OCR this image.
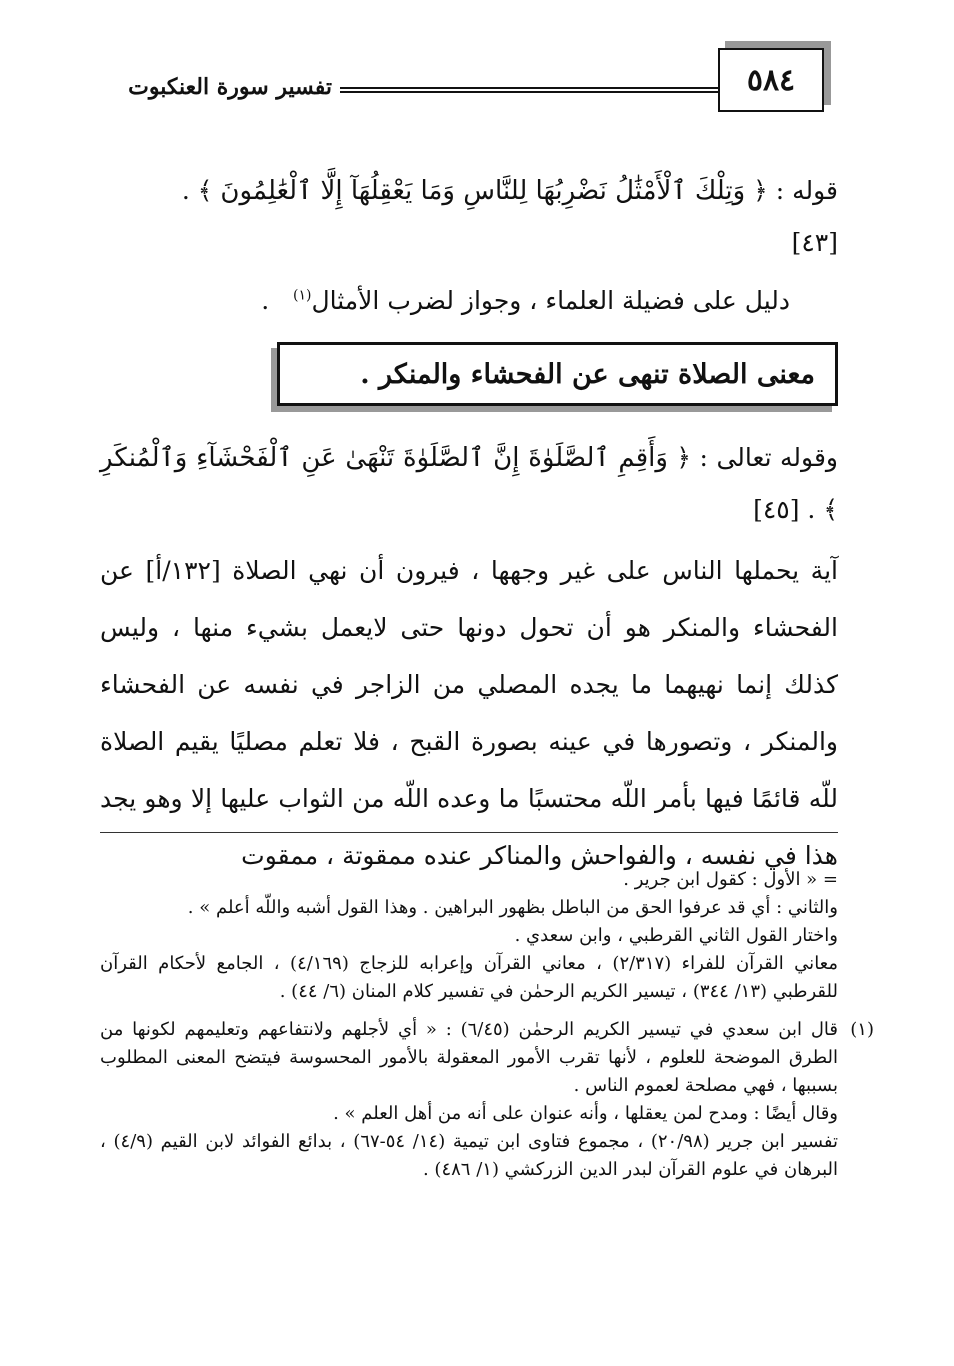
٥٨٤
تفسير سورة العنكبوت
قوله : ﴿ وَتِلْكَ ٱلْأَمْثَٰلُ نَضْرِبُهَا لِلنَّاسِ وَمَا يَعْقِلُهَآ إِلَّا ٱلْعَٰلِمُونَ ﴾ .
[٤٣]
دليل على فضيلة العلماء ، وجواز لضرب الأمثال$^{(١)}$   .
معنى الصلاة تنهى عن الفحشاء والمنكر .
وقوله تعالى : ﴿ وَأَقِمِ ٱلصَّلَوٰةَ إِنَّ ٱلصَّلَوٰةَ تَنْهَىٰ عَنِ ٱلْفَحْشَآءِ وَٱلْمُنكَرِ ﴾ . [٤٥]
آية يحملها الناس على غير وجهها ، فيرون أن نهي الصلاة [١٣٢/أ] عن الفحشاء والمنكر هو أن تحول دونها حتى لايعمل بشيء منها ، وليس كذلك إنما نهيهما ما يجده المصلي من الزاجر في نفسه عن الفحشاء والمنكر ، وتصورها في عينه بصورة القبح ، فلا تعلم مصليًا يقيم الصلاة للّه قائمًا فيها بأمر اللّه محتسبًا ما وعده اللّه من الثواب عليها إلا وهو يجد هذا في نفسه ، والفواحش والمناكر عنده ممقوتة ، ممقوت
= « الأول : كقول ابن جرير .
والثاني : أي قد عرفوا الحق من الباطل بظهور البراهين . وهذا القول أشبه واللّه أعلم » .
واختار القول الثاني القرطبي ، وابن سعدي .
معاني القرآن للفراء (٢/٣١٧) ، معاني القرآن وإعرابه للزجاج (٤/١٦٩) ، الجامع لأحكام القرآن للقرطبي (١٣/ ٣٤٤) ، تيسير الكريم الرحمٰن في تفسير كلام المنان (٦/ ٤٤) .
(١)
قال ابن سعدي في تيسير الكريم الرحمٰن (٦/٤٥) : « أي لأجلهم ولانتفاعهم وتعليمهم لكونها من الطرق الموضحة للعلوم ، لأنها تقرب الأمور المعقولة بالأمور المحسوسة فيتضح المعنى المطلوب بسببها ، فهي مصلحة لعموم الناس .
وقال أيضًا : ومدح لمن يعقلها ، وأنه عنوان على أنه من أهل العلم » .
تفسير ابن جرير (٢٠/٩٨) ، مجموع فتاوى ابن تيمية (١٤/ ٥٤-٦٧) ، بدائع الفوائد لابن القيم (٤/٩) ، البرهان في علوم القرآن لبدر الدين الزركشي (١/ ٤٨٦) .
